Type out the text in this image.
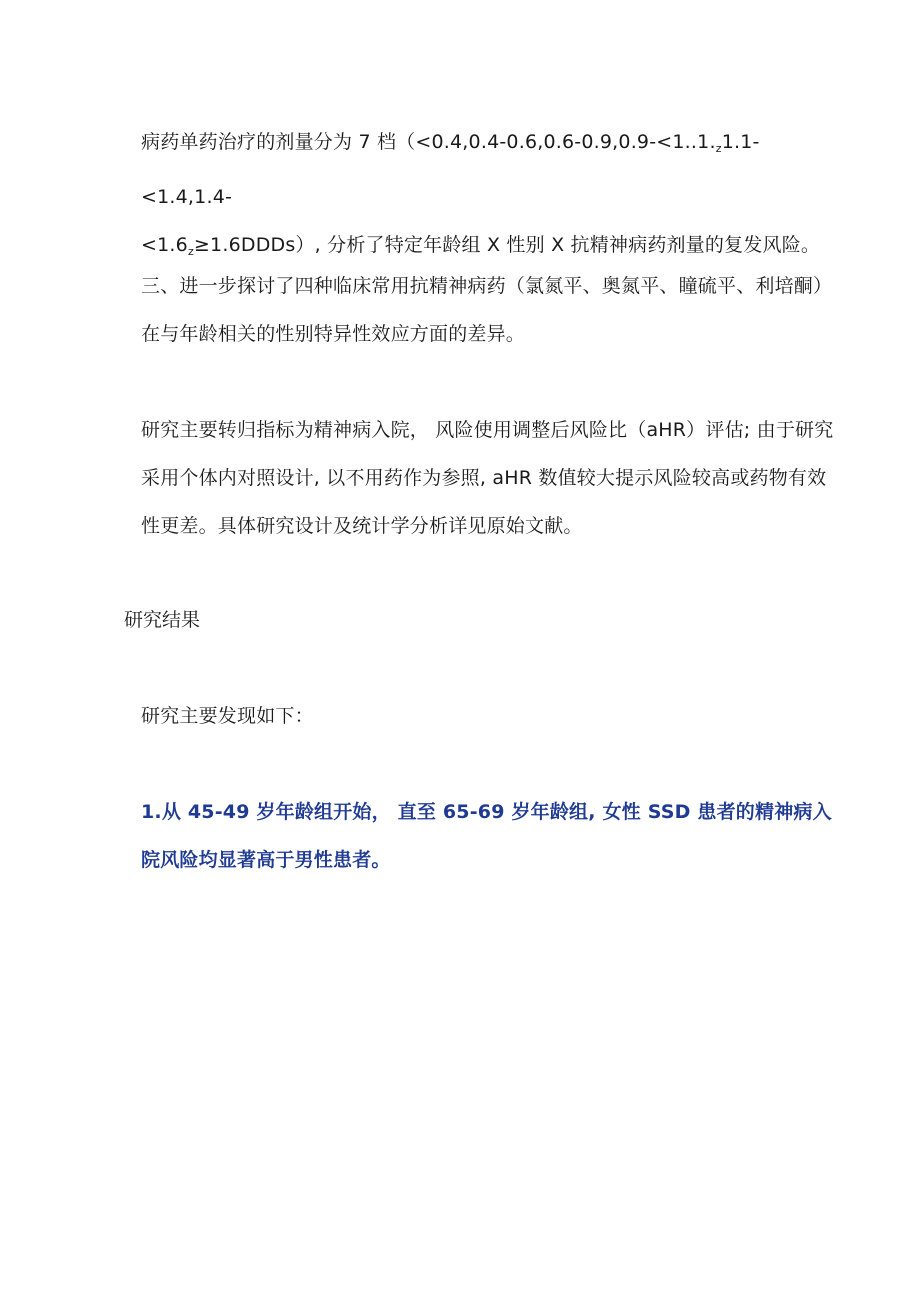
病药单药治疗的剂量分为 7 档（$<0.4,0.4-0.6,0.6-0.9,0.9-<1..1._z1.1-<1.4,1.4-$
$<1.6_z\ge 1.6DDDs$）, 分析了特定年龄组 X 性别 X 抗精神病药剂量的复发风险。

三、进一步探讨了四种临床常用抗精神病药（氯氮平、奥氮平、瞳硫平、利培酮）在与年龄相关的性别特异性效应方面的差异。

研究主要转归指标为精神病入院， 风险使用调整后风险比（aHR）评估; 由于研究采用个体内对照设计, 以不用药作为参照, aHR 数值较大提示风险较高或药物有效性更差。具体研究设计及统计学分析详见原始文献。

研究结果

研究主要发现如下：

1.从 45-49 岁年龄组开始， 直至 65-69 岁年龄组, 女性 SSD 患者的精神病入院风险均显著高于男性患者。
